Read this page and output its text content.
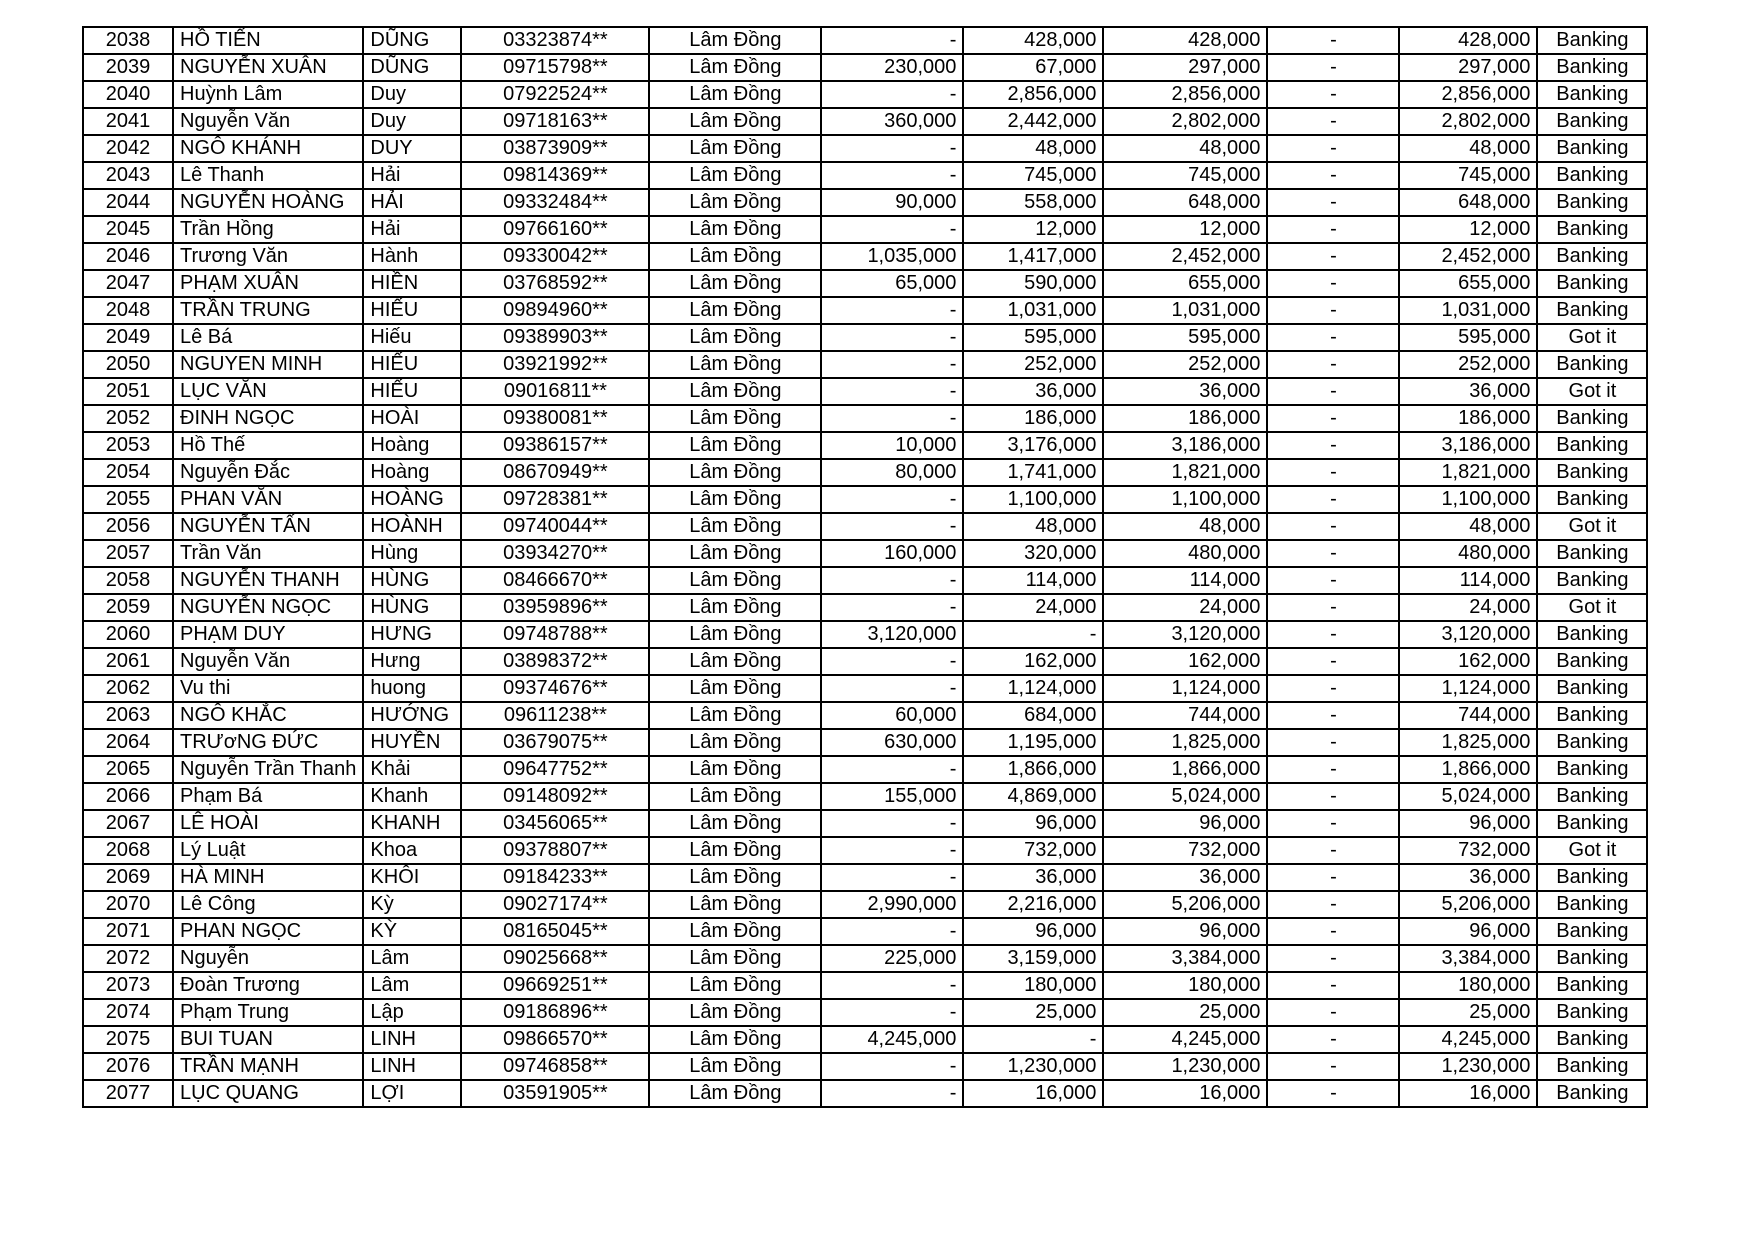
2038	HỒ TIẾN	DŨNG	03323874**	Lâm Đồng	-	428,000	428,000	-	428,000	Banking
2039	NGUYỄN XUÂN	DŨNG	09715798**	Lâm Đồng	230,000	67,000	297,000	-	297,000	Banking
2040	Huỳnh Lâm	Duy	07922524**	Lâm Đồng	-	2,856,000	2,856,000	-	2,856,000	Banking
2041	Nguyễn Văn	Duy	09718163**	Lâm Đồng	360,000	2,442,000	2,802,000	-	2,802,000	Banking
2042	NGÔ KHÁNH	DUY	03873909**	Lâm Đồng	-	48,000	48,000	-	48,000	Banking
2043	Lê Thanh	Hải	09814369**	Lâm Đồng	-	745,000	745,000	-	745,000	Banking
2044	NGUYỄN HOÀNG	HẢI	09332484**	Lâm Đồng	90,000	558,000	648,000	-	648,000	Banking
2045	Trần Hồng	Hải	09766160**	Lâm Đồng	-	12,000	12,000	-	12,000	Banking
2046	Trương Văn	Hành	09330042**	Lâm Đồng	1,035,000	1,417,000	2,452,000	-	2,452,000	Banking
2047	PHẠM XUÂN	HIỀN	03768592**	Lâm Đồng	65,000	590,000	655,000	-	655,000	Banking
2048	TRẦN TRUNG	HIẾU	09894960**	Lâm Đồng	-	1,031,000	1,031,000	-	1,031,000	Banking
2049	Lê Bá	Hiếu	09389903**	Lâm Đồng	-	595,000	595,000	-	595,000	Got it
2050	NGUYEN MINH	HIẾU	03921992**	Lâm Đồng	-	252,000	252,000	-	252,000	Banking
2051	LỤC VĂN	HIẾU	09016811**	Lâm Đồng	-	36,000	36,000	-	36,000	Got it
2052	ĐINH NGỌC	HOÀI	09380081**	Lâm Đồng	-	186,000	186,000	-	186,000	Banking
2053	Hồ Thế	Hoàng	09386157**	Lâm Đồng	10,000	3,176,000	3,186,000	-	3,186,000	Banking
2054	Nguyễn Đắc	Hoàng	08670949**	Lâm Đồng	80,000	1,741,000	1,821,000	-	1,821,000	Banking
2055	PHAN VĂN	HOÀNG	09728381**	Lâm Đồng	-	1,100,000	1,100,000	-	1,100,000	Banking
2056	NGUYỄN TẤN	HOÀNH	09740044**	Lâm Đồng	-	48,000	48,000	-	48,000	Got it
2057	Trần Văn	Hùng	03934270**	Lâm Đồng	160,000	320,000	480,000	-	480,000	Banking
2058	NGUYỄN THANH	HÙNG	08466670**	Lâm Đồng	-	114,000	114,000	-	114,000	Banking
2059	NGUYỄN NGỌC	HÙNG	03959896**	Lâm Đồng	-	24,000	24,000	-	24,000	Got it
2060	PHẠM DUY	HƯNG	09748788**	Lâm Đồng	3,120,000	-	3,120,000	-	3,120,000	Banking
2061	Nguyễn Văn	Hưng	03898372**	Lâm Đồng	-	162,000	162,000	-	162,000	Banking
2062	Vu thi	huong	09374676**	Lâm Đồng	-	1,124,000	1,124,000	-	1,124,000	Banking
2063	NGÔ KHẮC	HƯỚNG	09611238**	Lâm Đồng	60,000	684,000	744,000	-	744,000	Banking
2064	TRƯơNG ĐỨC	HUYỀN	03679075**	Lâm Đồng	630,000	1,195,000	1,825,000	-	1,825,000	Banking
2065	Nguyễn Trần Thanh	Khải	09647752**	Lâm Đồng	-	1,866,000	1,866,000	-	1,866,000	Banking
2066	Phạm Bá	Khanh	09148092**	Lâm Đồng	155,000	4,869,000	5,024,000	-	5,024,000	Banking
2067	LÊ HOÀI	KHANH	03456065**	Lâm Đồng	-	96,000	96,000	-	96,000	Banking
2068	Lý Luật	Khoa	09378807**	Lâm Đồng	-	732,000	732,000	-	732,000	Got it
2069	HÀ MINH	KHÔI	09184233**	Lâm Đồng	-	36,000	36,000	-	36,000	Banking
2070	Lê Công	Kỳ	09027174**	Lâm Đồng	2,990,000	2,216,000	5,206,000	-	5,206,000	Banking
2071	PHAN NGỌC	KỲ	08165045**	Lâm Đồng	-	96,000	96,000	-	96,000	Banking
2072	Nguyễn	Lâm	09025668**	Lâm Đồng	225,000	3,159,000	3,384,000	-	3,384,000	Banking
2073	Đoàn Trương	Lâm	09669251**	Lâm Đồng	-	180,000	180,000	-	180,000	Banking
2074	Phạm Trung	Lập	09186896**	Lâm Đồng	-	25,000	25,000	-	25,000	Banking
2075	BUI TUAN	LINH	09866570**	Lâm Đồng	4,245,000	-	4,245,000	-	4,245,000	Banking
2076	TRẦN MẠNH	LINH	09746858**	Lâm Đồng	-	1,230,000	1,230,000	-	1,230,000	Banking
2077	LỤC QUANG	LỢI	03591905**	Lâm Đồng	-	16,000	16,000	-	16,000	Banking
